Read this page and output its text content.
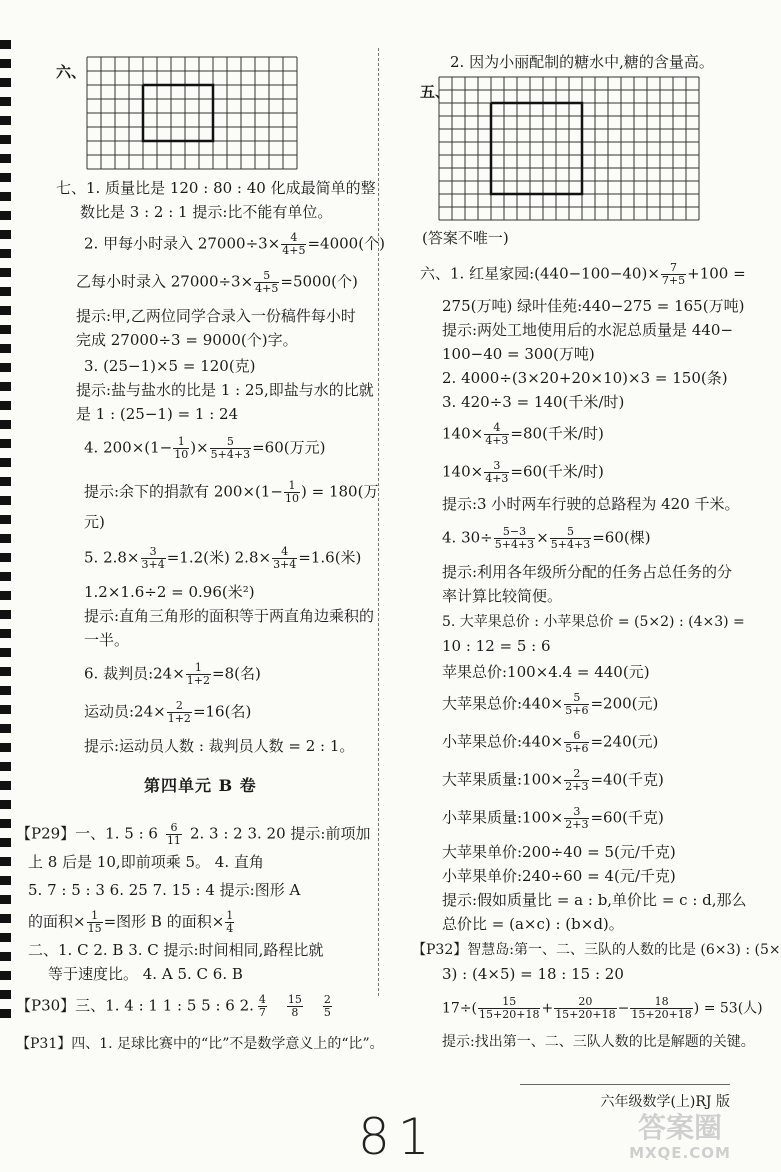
六、
七、1. 质量比是 120 : 80 : 40 化成最简单的整
数比是 3 : 2 : 1 提示:比不能有单位。
2. 甲每小时录入 $27000\div 3\times \frac{4}{4+5} =4000$(个)
乙每小时录入 $27000\div 3\times \frac{5}{4+5} =5000$(个)
提示:甲,乙两位同学合录入一份稿件每小时
完成 27000÷3 = 9000(个)字。
3. (25−1)×5 = 120(克)
提示:盐与盐水的比是 1 : 25,即盐与水的比就
是 1 : (25−1) = 1 : 24
4. $200\times(1- \frac{1}{10}$ )× $\frac{5}{5+4+3} =60$(万元)
提示:余下的捐款有 $200\times(1- \frac{1}{10}$ ) = 180(万
元)
5. $2.8\times \frac{3}{3+4} =1.2$(米) $2.8\times \frac{4}{3+4} =1.6$(米)
1.2×1.6÷2 = 0.96(米²)
提示:直角三角形的面积等于两直角边乘积的
一半。
6. 裁判员:24× $\frac{1}{1+2} =8$(名)
运动员:24× $\frac{2}{1+2} =16$(名)
提示:运动员人数 : 裁判员人数 = 2 : 1。
第四单元 B 卷
【P29】一、1. 5 : $6 \frac{6}{11} 2$. 3 : 2 3. 20 提示:前项加
上 8 后是 10,即前项乘 5。 4. 直角
5. 7 : 5 : 3 6. 25 7. 15 : 4 提示:图形 A
的面积× $\frac{1}{15}$ =图形 B 的面积× $\frac{1}{4}$
二、1. C 2. B 3. C 提示:时间相同,路程比就
等于速度比。 4. A 5. C 6. B
【P30】三、1. 4 : 1 1 : 5 5 : 6 2. $\frac{4}{7} \frac{15}{8} \frac{2}{5}$
【P31】四、1. 足球比赛中的“比”不是数学意义上的“比”。
2. 因为小丽配制的糖水中,糖的含量高。
五、
(答案不唯一)
六、1. 红星家园:(440−100−40)× $\frac{7}{7+5} +100$ =
275(万吨) 绿叶佳苑:440−275 = 165(万吨)
提示:两处工地使用后的水泥总质量是 440−
100−40 = 300(万吨)
2. 4000÷(3×20+20×10)×3 = 150(条)
3. 420÷3 = 140(千米/时)
$140\times \frac{4}{4+3} =80$(千米/时)
$140\times \frac{3}{4+3} =60$(千米/时)
提示:3 小时两车行驶的总路程为 420 千米。
4. $30\div \frac{5-3}{5+4+3} \times \frac{5}{5+4+3} =60$(棵)
提示:利用各年级所分配的任务占总任务的分
率计算比较简便。
5. 大苹果总价 : 小苹果总价 = (5×2) : (4×3) =
10 : 12 = 5 : 6
苹果总价:100×4.4 = 440(元)
大苹果总价:440× $\frac{5}{5+6} =200$(元)
小苹果总价:440× $\frac{6}{5+6} =240$(元)
大苹果质量:100× $\frac{2}{2+3} =40$(千克)
小苹果质量:100× $\frac{3}{2+3} =60$(千克)
大苹果单价:200÷40 = 5(元/千克)
小苹果单价:240÷60 = 4(元/千克)
提示:假如质量比 = a : b,单价比 = c : d,那么
总价比 = (a×c) : (b×d)。
【P32】智慧岛:第一、二、三队的人数的比是 (6×3) : (5×
3) : (4×5) = 18 : 15 : 20
$17\div( \frac{15}{15+20+18} + \frac{20}{15+20+18} - \frac{18}{15+20+18}$ ) = 53(人)
提示:找出第一、二、三队人数的比是解题的关键。
六年级数学(上)RJ 版
81	答案圈
MXQE.COM
